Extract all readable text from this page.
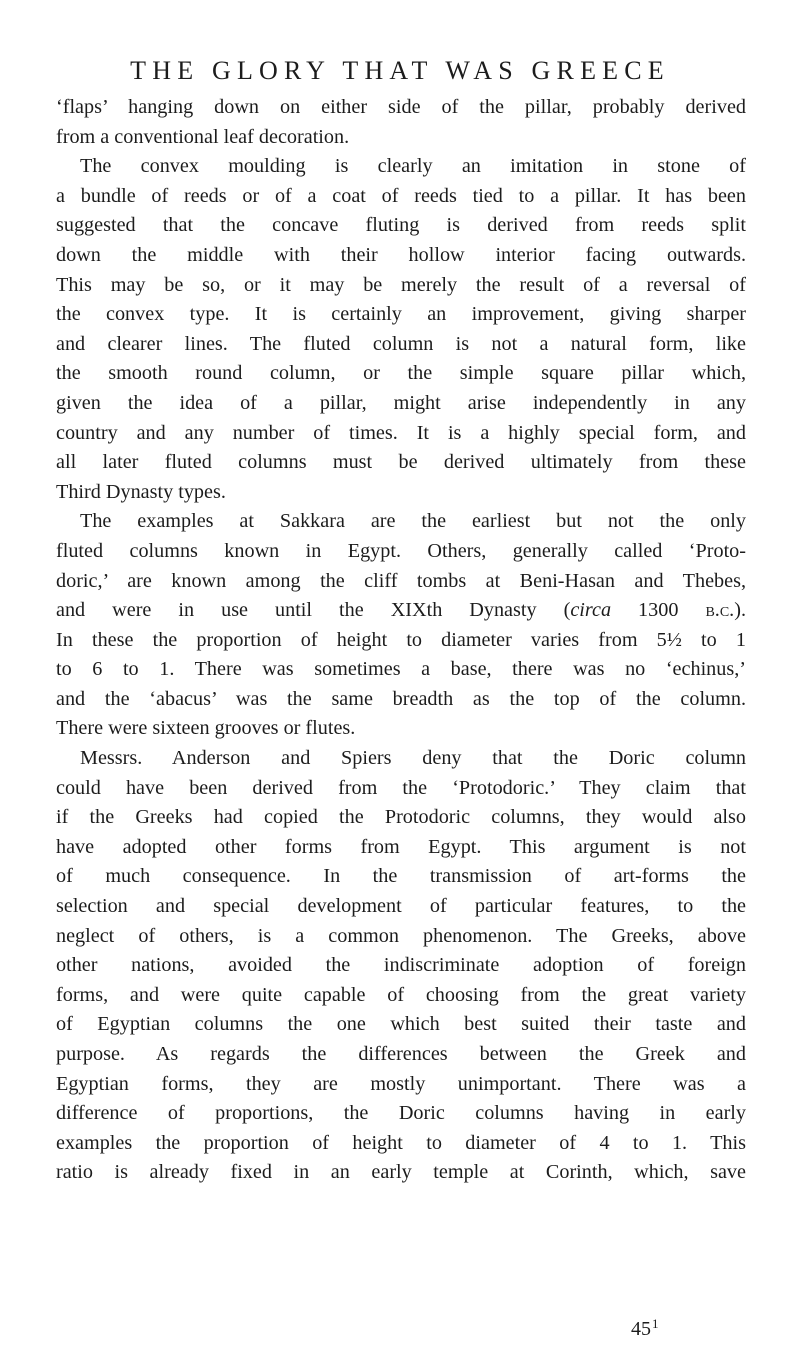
THE GLORY THAT WAS GREECE
‘flaps’ hanging down on either side of the pillar, probably derived
from a conventional leaf decoration.
The convex moulding is clearly an imitation in stone of
a bundle of reeds or of a coat of reeds tied to a pillar. It has been
suggested that the concave fluting is derived from reeds split
down the middle with their hollow interior facing outwards.
This may be so, or it may be merely the result of a reversal of
the convex type. It is certainly an improvement, giving sharper
and clearer lines. The fluted column is not a natural form, like
the smooth round column, or the simple square pillar which,
given the idea of a pillar, might arise independently in any
country and any number of times. It is a highly special form, and
all later fluted columns must be derived ultimately from these
Third Dynasty types.
The examples at Sakkara are the earliest but not the only
fluted columns known in Egypt. Others, generally called ‘Proto-
doric,’ are known among the cliff tombs at Beni-Hasan and Thebes,
and were in use until the XIXth Dynasty (circa 1300 b.c.).
In these the proportion of height to diameter varies from 5½ to 1
to 6 to 1. There was sometimes a base, there was no ‘echinus,’
and the ‘abacus’ was the same breadth as the top of the column.
There were sixteen grooves or flutes.
Messrs. Anderson and Spiers deny that the Doric column
could have been derived from the ‘Protodoric.’ They claim that
if the Greeks had copied the Protodoric columns, they would also
have adopted other forms from Egypt. This argument is not
of much consequence. In the transmission of art-forms the
selection and special development of particular features, to the
neglect of others, is a common phenomenon. The Greeks, above
other nations, avoided the indiscriminate adoption of foreign
forms, and were quite capable of choosing from the great variety
of Egyptian columns the one which best suited their taste and
purpose. As regards the differences between the Greek and
Egyptian forms, they are mostly unimportant. There was a
difference of proportions, the Doric columns having in early
examples the proportion of height to diameter of 4 to 1. This
ratio is already fixed in an early temple at Corinth, which, save
$45^1$
